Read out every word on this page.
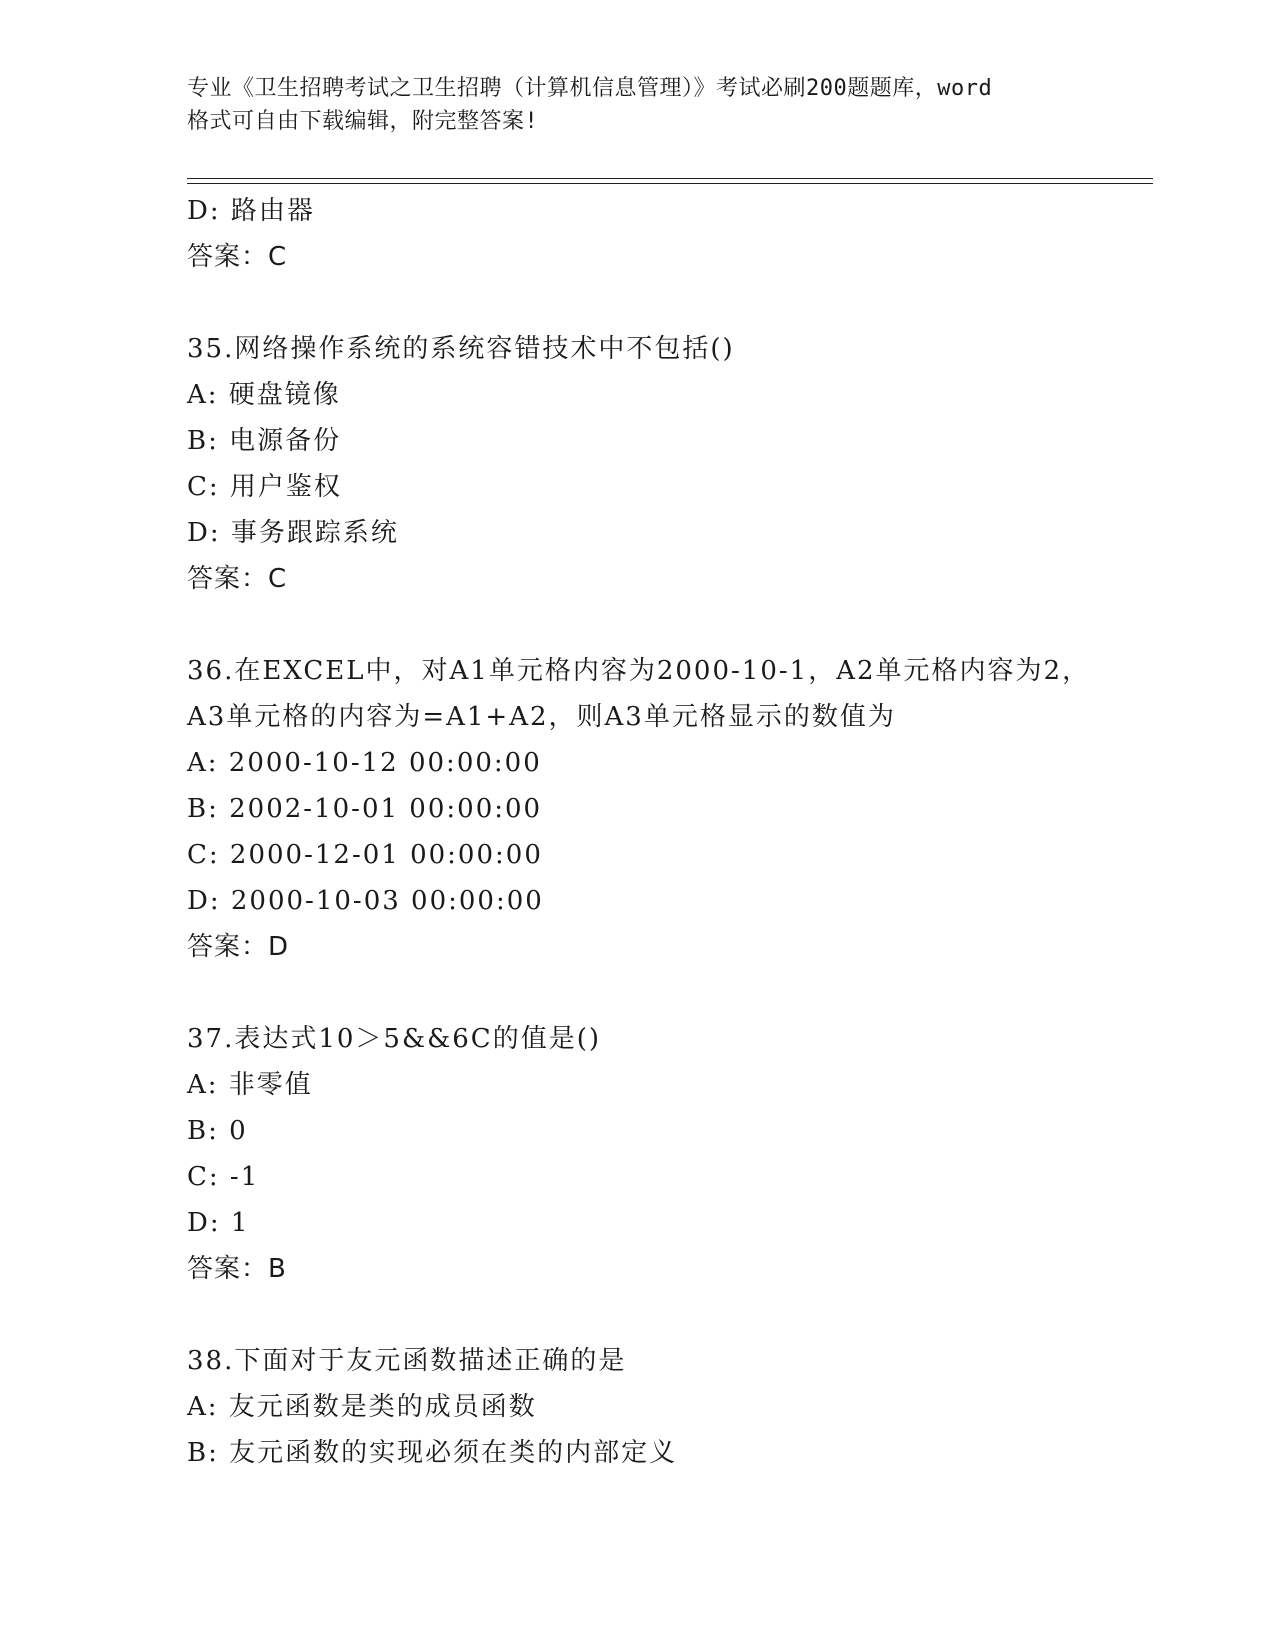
专业《卫生招聘考试之卫生招聘（计算机信息管理）》考试必刷200题题库，word
格式可自由下载编辑，附完整答案!
D: 路由器
答案：C
35.网络操作系统的系统容错技术中不包括()
A: 硬盘镜像
B: 电源备份
C: 用户鉴权
D: 事务跟踪系统
答案：C
36.在EXCEL中，对A1单元格内容为2000-10-1，A2单元格内容为2，
A3单元格的内容为=A1+A2，则A3单元格显示的数值为
A: 2000-10-12 00:00:00
B: 2002-10-01 00:00:00
C: 2000-12-01 00:00:00
D: 2000-10-03 00:00:00
答案：D
37.表达式10＞5&&6C的值是()
A: 非零值
B: 0
C: -1
D: 1
答案：B
38.下面对于友元函数描述正确的是
A: 友元函数是类的成员函数
B: 友元函数的实现必须在类的内部定义
